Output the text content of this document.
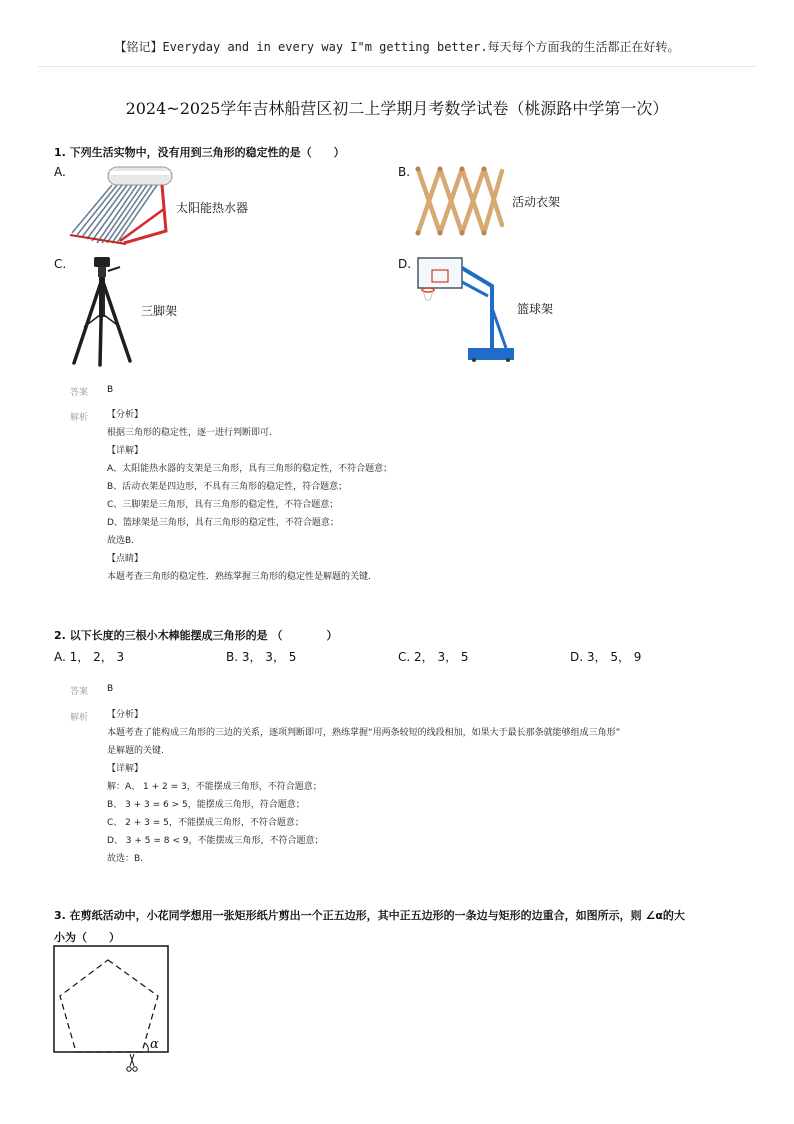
【铭记】Everyday and in every way I"m getting better.每天每个方面我的生活都正在好转。
2024~2025学年吉林船营区初二上学期月考数学试卷（桃源路中学第一次）
1. 下列生活实物中，没有用到三角形的稳定性的是（　　）
A.	B.
C.	D.
太阳能热水器	活动衣架
三脚架	篮球架
答案 B
解析 【分析】
根据三角形的稳定性，逐一进行判断即可.
【详解】
A、太阳能热水器的支架是三角形，具有三角形的稳定性，不符合题意；
B、活动衣架是四边形，不具有三角形的稳定性，符合题意；
C、三脚架是三角形，具有三角形的稳定性，不符合题意；
D、篮球架是三角形，具有三角形的稳定性，不符合题意；
故选B.
【点睛】
本题考查三角形的稳定性．熟练掌握三角形的稳定性是解题的关键．
2. 以下长度的三根小木棒能摆成三角形的是 （　　　　）
A. 1， 2， 3	B. 3， 3， 5	C. 2， 3， 5	D. 3， 5， 9
答案 B
解析 【分析】
本题考查了能构成三角形的三边的关系，逐项判断即可，熟练掌握“用两条较短的线段相加，如果大于最长那条就能够组成三角形”
是解题的关键.
【详解】
解：A、 1 + 2 = 3，不能摆成三角形，不符合题意；
B、 3 + 3 = 6 > 5，能摆成三角形，符合题意；
C、 2 + 3 = 5，不能摆成三角形，不符合题意；
D、 3 + 5 = 8 < 9，不能摆成三角形，不符合题意；
故选：B.
3. 在剪纸活动中，小花同学想用一张矩形纸片剪出一个正五边形，其中正五边形的一条边与矩形的边重合，如图所示，则 ∠α的大
小为（　　）
α
